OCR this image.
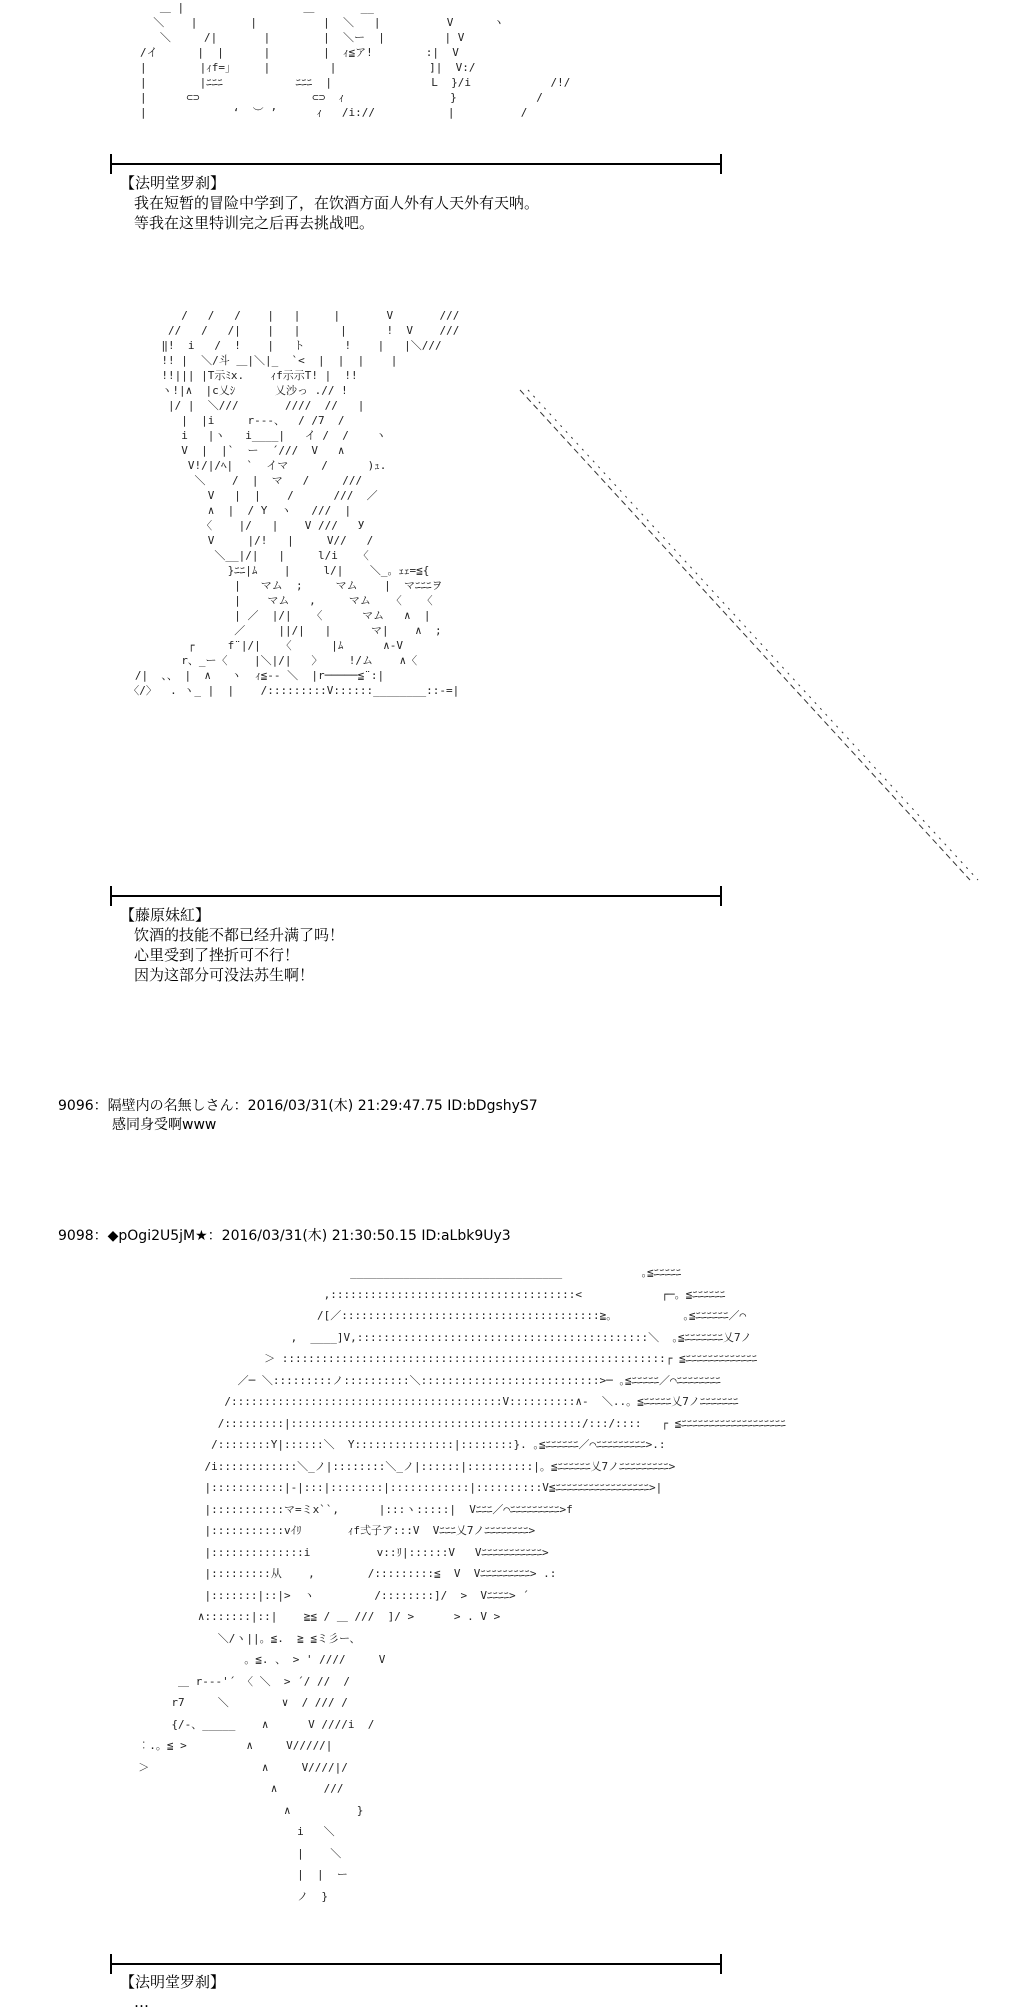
＿ |                  ＿       __
＼    |        |          |  ＼   |          V      ヽ
＼     /|       |        |  ＼ー  |         | V
/イ      |  |      |        |  ｨ≦ア!        :|  V
|        |ｨf=｣     |         |              ]|  V:/
|        |ﾆﾆﾆ           ﾆﾆﾆ  |               L  }/i            /!/
|      ⊂⊃                 ⊂⊃  ｨ                }            /
|             ‘  ︶ ’      ｨ   /i://           |          /
【法明堂罗刹】
我在短暂的冒险中学到了，在饮酒方面人外有人天外有天呐。
等我在这里特训完之后再去挑战吧。
/   /   /    |   |     |       V       ///
//   /   /|    |   |      |      !  V    ///
‖!  i   /  !    |   ト      !    |   |＼///
!! |  ＼/斗 ＿|＼|_  `<  |  |  |    |
!!||| |T示ﾐx.    ｨf示示T! |  !!
ヽ!|∧  |c乂ｼ      乂沙っ .// !
|/ |  ＼///       ////  //   |
|  |i     r‐‐‐、  / /7  /
i   |ヽ   i____|   イ /  /    ヽ
V  |  |`  ー  ´///  V   ∧
V!/|/ﾍ|  `  イマ     /      )ｭ.
＼    /  |  マ   /     ///
V   |  |    /      ///  ／
∧  |  / Y  ヽ   ///  |
〈    |/   |    V ///   У
V     |/!   |     V//   /
＼__|/|   |     l/i   〈
}ﾆﾆ|ﾑ    |     l/|    ＼_。ｪｪ=≦{
|   マム  ;     マム    |  マﾆﾆﾆヲ
|    マム   ,     マム   〈   〈
| ／  |/|   〈      マム   ∧  |
／     ||/|   |      マ|    ∧  ;
┌     f¨|/|   〈      |ﾑ      ∧-V
r、_ー〈    |＼|/|   〉    !/ム    ∧〈
/|  、、 |  ∧   ヽ  ｨ≦-- ＼  |r─────≦¨:|
〈/〉  . ヽ_ |  |    /:::::::::V::::::________::-=|
【藤原妹紅】
饮酒的技能不都已经升满了吗！
心里受到了挫折可不行！
因为这部分可没法苏生啊！
9096：隔壁内の名無しさん：2016/03/31(木) 21:29:47.75 ID:bDgshyS7
感同身受啊www
9098：◆pOgi2U5jM★：2016/03/31(木) 21:30:50.15 ID:aLbk9Uy3
________________________________            ｡≦ﾆﾆﾆﾆﾆ
,:::::::::::::::::::::::::::::::::::::<            ┌─。≦ﾆﾆﾆﾆﾆﾆ
/[／:::::::::::::::::::::::::::::::::::::::≧。          ｡≦ﾆﾆﾆﾆﾆﾆ／⌒
,  ____]V,::::::::::::::::::::::::::::::::::::::::::::＼  ｡≦ﾆﾆﾆﾆﾆﾆﾆ乂7ノ
＞ ::::::::::::::::::::::::::::::::::::::::::::::::::::::::::┌ ≦ﾆﾆﾆﾆﾆﾆﾆﾆﾆﾆﾆﾆﾆ
／─ ＼:::::::::ノ::::::::::＼:::::::::::::::::::::::::::>─ ｡≦ﾆﾆﾆﾆﾆ／⌒ﾆﾆﾆﾆﾆﾆﾆﾆ
/:::::::::::::::::::::::::::::::::::::::::V::::::::::∧-  ＼..。≦ﾆﾆﾆﾆﾆ乂7ノﾆﾆﾆﾆﾆﾆﾆ
/:::::::::|::::::::::::::::::::::::::::::::::::::::::::/:::/::::   ┌ ≦ﾆﾆﾆﾆﾆﾆﾆﾆﾆﾆﾆﾆﾆﾆﾆﾆﾆﾆﾆ
/::::::::Y|::::::＼  Y:::::::::::::::|::::::::}. ｡≦ﾆﾆﾆﾆﾆﾆ／⌒ﾆﾆﾆﾆﾆﾆﾆﾆﾆ>.:
/i::::::::::::＼_ノ|::::::::＼_ノ|::::::|::::::::::|。≦ﾆﾆﾆﾆﾆﾆ乂7ノﾆﾆﾆﾆﾆﾆﾆﾆﾆ>
|:::::::::::|-|:::|::::::::|::::::::::::|::::::::::V≦ﾆﾆﾆﾆﾆﾆﾆﾆﾆﾆﾆﾆﾆﾆﾆﾆﾆ>|
|:::::::::::マ=ミx``,      |:::ヽ:::::|  Vﾆﾆﾆ／⌒ﾆﾆﾆﾆﾆﾆﾆﾆﾆ>f
|:::::::::::vｲﾘ       ｨf弍子ア:::V  Vﾆﾆﾆ乂7ノﾆﾆﾆﾆﾆﾆﾆﾆ>
|::::::::::::::i          v::ﾘ|::::::V   Vﾆﾆﾆﾆﾆﾆﾆﾆﾆﾆﾆ>
|:::::::::从    ,        /:::::::::≦  V  Vﾆﾆﾆﾆﾆﾆﾆﾆﾆ> .:
|:::::::|::|>  ヽ         /::::::::]/  >  Vﾆﾆﾆﾆ> ´
∧:::::::|::|    ≧≦ / ＿ ///  ]/ >      > . V >
＼/ヽ||。≦.  ≧ ≦ミ彡ー、
。≦. 、 > ' ////     V
＿ r‐‐‐'´ 〈 ＼  > ´/ //  /
r7     ＼        ∨  / /// /
{/‐、_____    ∧      V ////i  /
︰.。≦ >         ∧     V/////|
＞                 ∧     V////|/
∧       ///
∧          }
i   ＼
|    ＼
|  |  ー
ノ  }
【法明堂罗刹】
…
